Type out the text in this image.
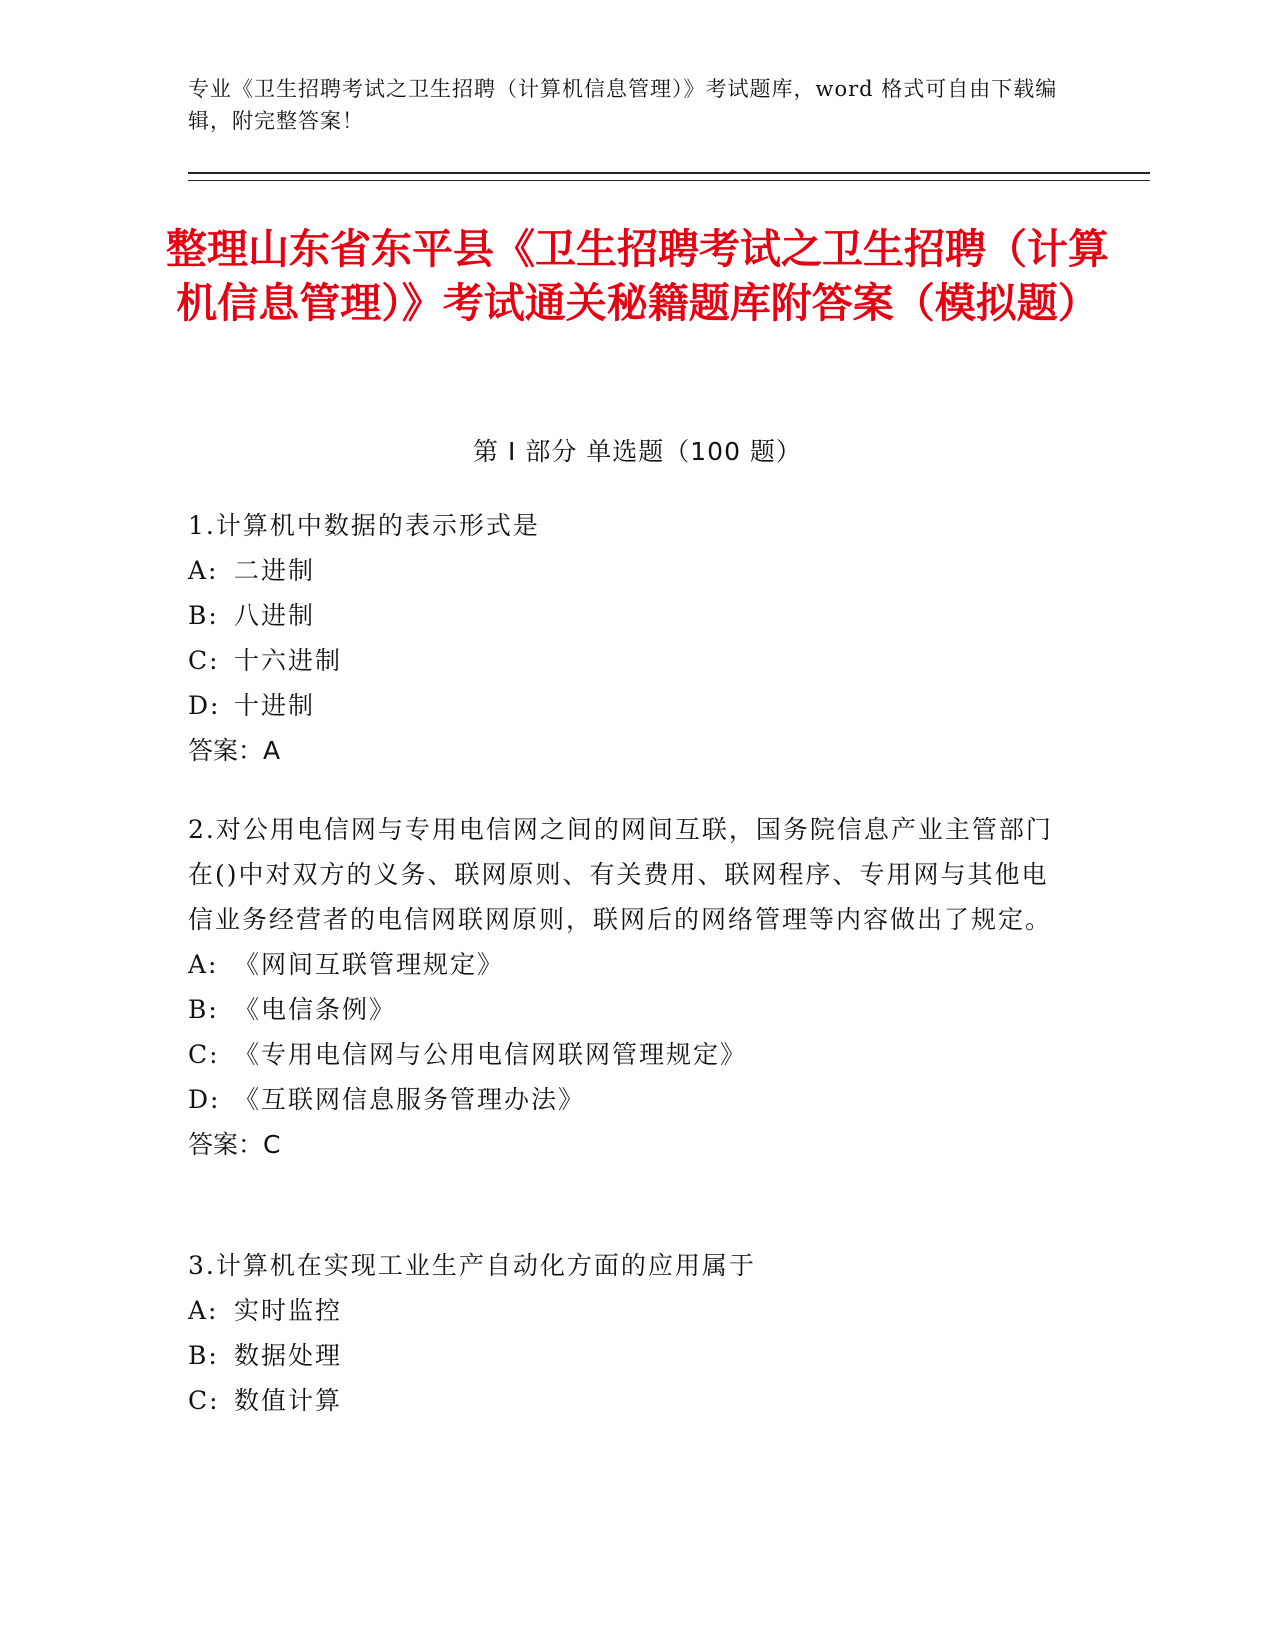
专业《卫生招聘考试之卫生招聘（计算机信息管理）》考试题库，word 格式可自由下载编辑，附完整答案！
整理山东省东平县《卫生招聘考试之卫生招聘（计算机信息管理）》考试通关秘籍题库附答案（模拟题）
第 I 部分 单选题（100 题）

1.计算机中数据的表示形式是

A: 二进制
B: 八进制
C: 十六进制
D: 十进制
答案：A

2.对公用电信网与专用电信网之间的网间互联，国务院信息产业主管部门在()中对双方的义务、联网原则、有关费用、联网程序、专用网与其他电信业务经营者的电信网联网原则，联网后的网络管理等内容做出了规定。

A: 《网间互联管理规定》
B: 《电信条例》
C: 《专用电信网与公用电信网联网管理规定》
D: 《互联网信息服务管理办法》
答案：C

3.计算机在实现工业生产自动化方面的应用属于

A: 实时监控
B: 数据处理
C: 数值计算
